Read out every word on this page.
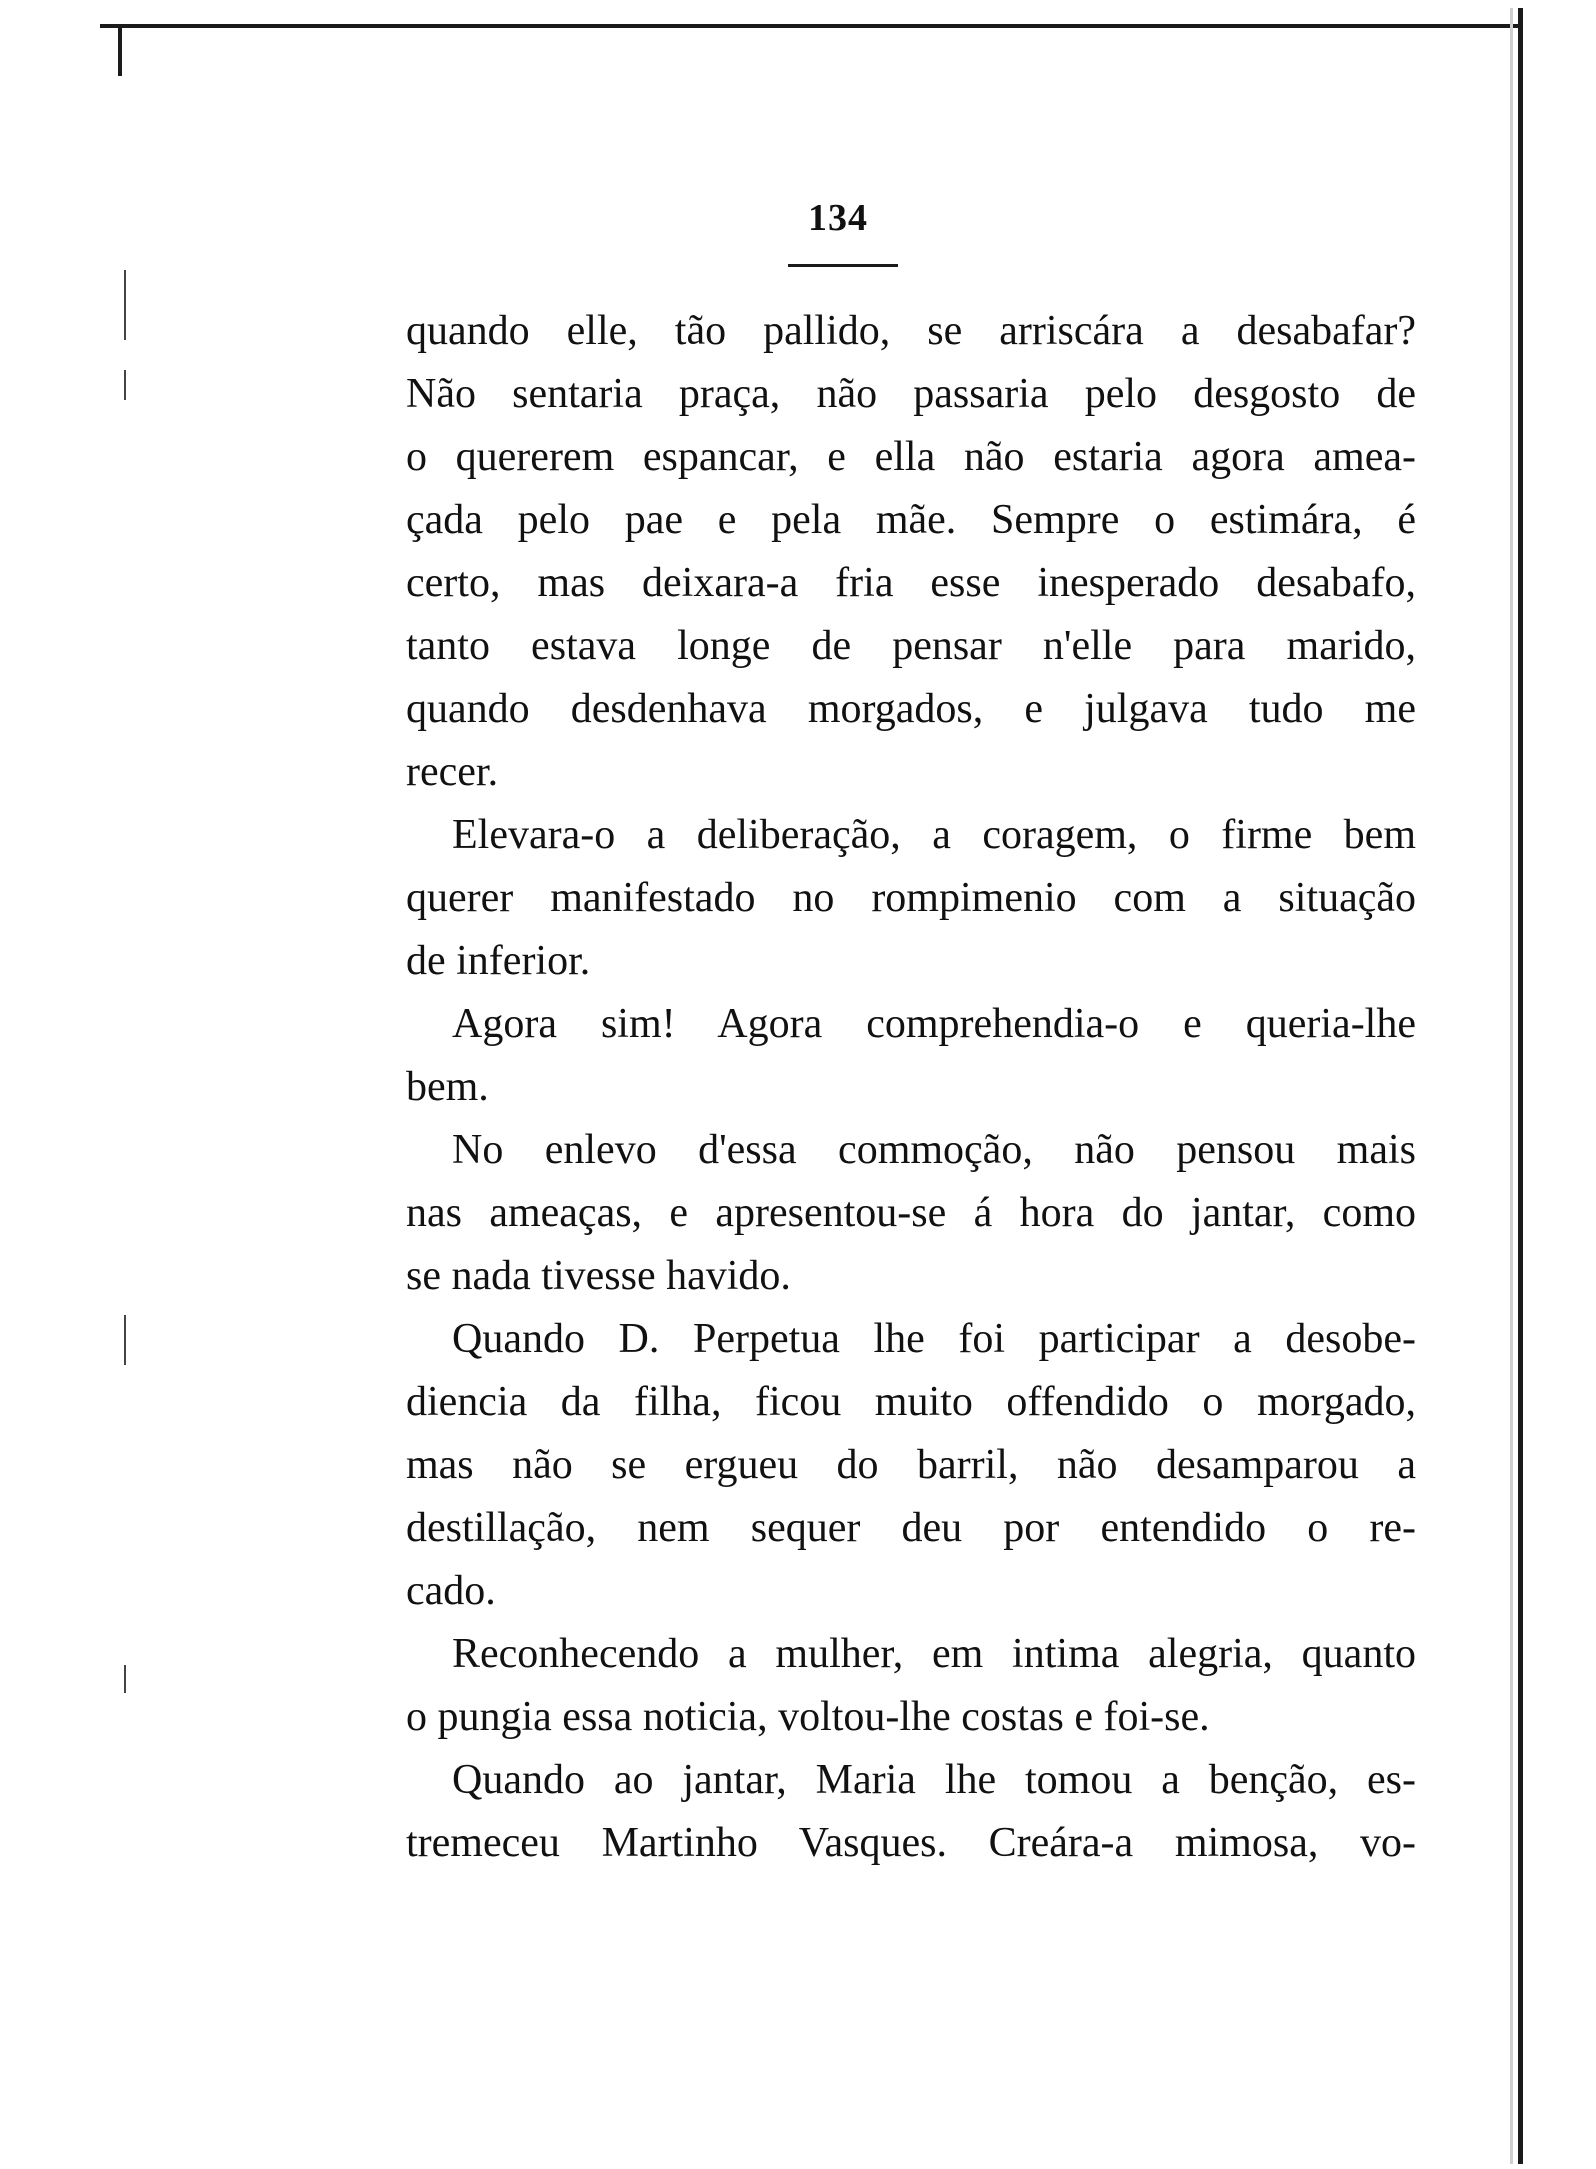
134
quando elle, tão pallido, se arriscára a desabafar?
Não sentaria praça, não passaria pelo desgosto de
o quererem espancar, e ella não estaria agora amea-
çada pelo pae e pela mãe. Sempre o estimára, é
certo, mas deixara-a fria esse inesperado desabafo,
tanto estava longe de pensar n'elle para marido,
quando desdenhava morgados, e julgava tudo me
recer.
Elevara-o a deliberação, a coragem, o firme bem
querer manifestado no rompimenio com a situação
de inferior.
Agora sim! Agora comprehendia-o e queria-lhe
bem.
No enlevo d'essa commoção, não pensou mais
nas ameaças, e apresentou-se á hora do jantar, como
se nada tivesse havido.
Quando D. Perpetua lhe foi participar a desobe-
diencia da filha, ficou muito offendido o morgado,
mas não se ergueu do barril, não desamparou a
destillação, nem sequer deu por entendido o re-
cado.
Reconhecendo a mulher, em intima alegria, quanto
o pungia essa noticia, voltou-lhe costas e foi-se.
Quando ao jantar, Maria lhe tomou a benção, es-
tremeceu Martinho Vasques. Creára-a mimosa, vo-
